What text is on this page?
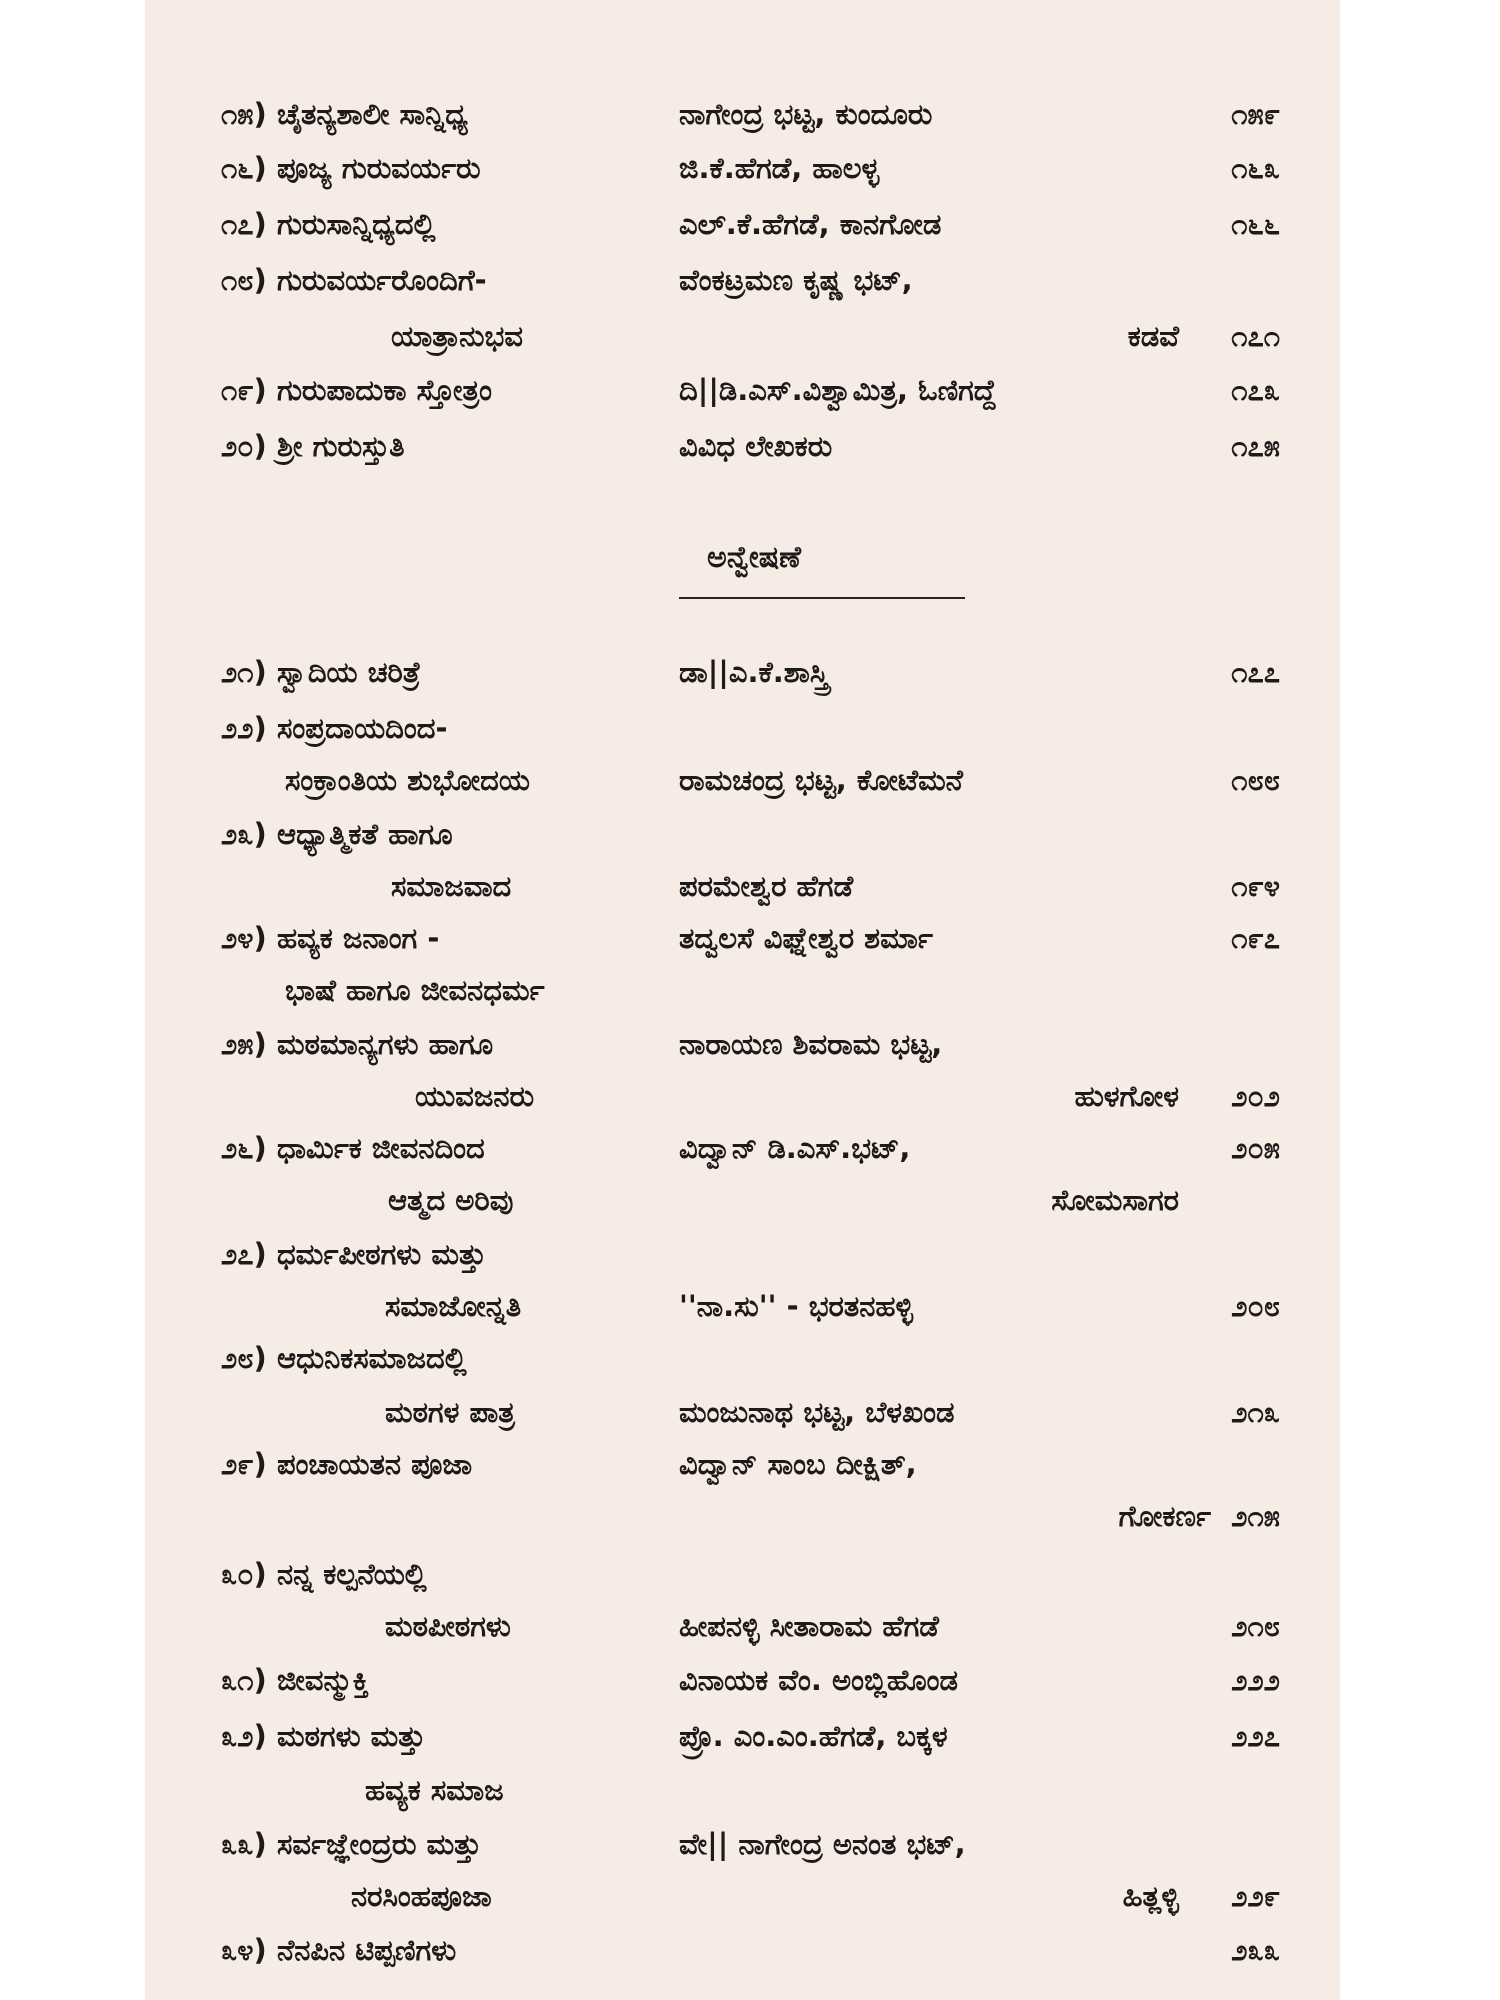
೧೫) ಚೈತನ್ಯಶಾಲೀ ಸಾನ್ನಿಧ್ಯ	ನಾಗೇಂದ್ರ ಭಟ್ಟ, ಕುಂದೂರು	೧೫೯
೧೬) ಪೂಜ್ಯ ಗುರುವರ್ಯರು	ಜಿ.ಕೆ.ಹೆಗಡೆ, ಹಾಲಳ್ಳ	೧೬೩
೧೭) ಗುರುಸಾನ್ನಿಧ್ಯದಲ್ಲಿ	ಎಲ್.ಕೆ.ಹೆಗಡೆ, ಕಾನಗೋಡ	೧೬೬
೧೮) ಗುರುವರ್ಯರೊಂದಿಗೆ-	ವೆಂಕಟ್ರಮಣ ಕೃಷ್ಣ ಭಟ್,
ಯಾತ್ರಾನುಭವ	ಕಡವೆ ೧೭೧
೧೯) ಗುರುಪಾದುಕಾ ಸ್ತೋತ್ರಂ	ದಿ||ಡಿ.ಎಸ್.ವಿಶ್ವಾಮಿತ್ರ, ಓಣಿಗದ್ದೆ	೧೭೩
೨೦) ಶ್ರೀ ಗುರುಸ್ತುತಿ	ವಿವಿಧ ಲೇಖಕರು	೧೭೫
ಅನ್ವೇಷಣೆ
೨೧) ಸ್ವಾದಿಯ ಚರಿತ್ರೆ	ಡಾ||ಎ.ಕೆ.ಶಾಸ್ತ್ರಿ	೧೭೭
೨೨) ಸಂಪ್ರದಾಯದಿಂದ-
ಸಂಕ್ರಾಂತಿಯ ಶುಭೋದಯ	ರಾಮಚಂದ್ರ ಭಟ್ಟ, ಕೋಟೆಮನೆ	೧೮೮
೨೩) ಆಧ್ಯಾತ್ಮಿಕತೆ ಹಾಗೂ
ಸಮಾಜವಾದ	ಪರಮೇಶ್ವರ ಹೆಗಡೆ	೧೯೪
೨೪) ಹವ್ಯಕ ಜನಾಂಗ -	ತದ್ವಲಸೆ ವಿಘ್ನೇಶ್ವರ ಶರ್ಮಾ	೧೯೭
ಭಾಷೆ ಹಾಗೂ ಜೀವನಧರ್ಮ
೨೫) ಮಠಮಾನ್ಯಗಳು ಹಾಗೂ	ನಾರಾಯಣ ಶಿವರಾಮ ಭಟ್ಟ,
ಯುವಜನರು	ಹುಳಗೋಳ ೨೦೨
೨೬) ಧಾರ್ಮಿಕ ಜೀವನದಿಂದ	ವಿದ್ವಾನ್ ಡಿ.ಎಸ್.ಭಟ್,	೨೦೫
ಆತ್ಮದ ಅರಿವು	ಸೋಮಸಾಗರ
೨೭) ಧರ್ಮಪೀಠಗಳು ಮತ್ತು
ಸಮಾಜೋನ್ನತಿ	''ನಾ.ಸು'' - ಭರತನಹಳ್ಳಿ	೨೦೮
೨೮) ಆಧುನಿಕಸಮಾಜದಲ್ಲಿ
ಮಠಗಳ ಪಾತ್ರ	ಮಂಜುನಾಥ ಭಟ್ಟ, ಬೆಳಖಂಡ	೨೧೩
೨೯) ಪಂಚಾಯತನ ಪೂಜಾ	ವಿದ್ವಾನ್ ಸಾಂಬ ದೀಕ್ಷಿತ್,
ಗೋಕರ್ಣ ೨೧೫
೩೦) ನನ್ನ ಕಲ್ಪನೆಯಲ್ಲಿ
ಮಠಪೀಠಗಳು	ಹೀಪನಳ್ಳಿ ಸೀತಾರಾಮ ಹೆಗಡೆ	೨೧೮
೩೧) ಜೀವನ್ಮುಕ್ತಿ	ವಿನಾಯಕ ವೆಂ. ಅಂಬ್ಲಿಹೊಂಡ	೨೨೨
೩೨) ಮಠಗಳು ಮತ್ತು	ಪ್ರೊ. ಎಂ.ಎಂ.ಹೆಗಡೆ, ಬಕ್ಕಳ	೨೨೭
ಹವ್ಯಕ ಸಮಾಜ
೩೩) ಸರ್ವಜ್ಞೇಂದ್ರರು ಮತ್ತು	ವೇ|| ನಾಗೇಂದ್ರ ಅನಂತ ಭಟ್,
ನರಸಿಂಹಪೂಜಾ	ಹಿತ್ಲಳ್ಳಿ ೨೨೯
೩೪) ನೆನಪಿನ ಟಿಪ್ಪಣಿಗಳು	೨೩೩
